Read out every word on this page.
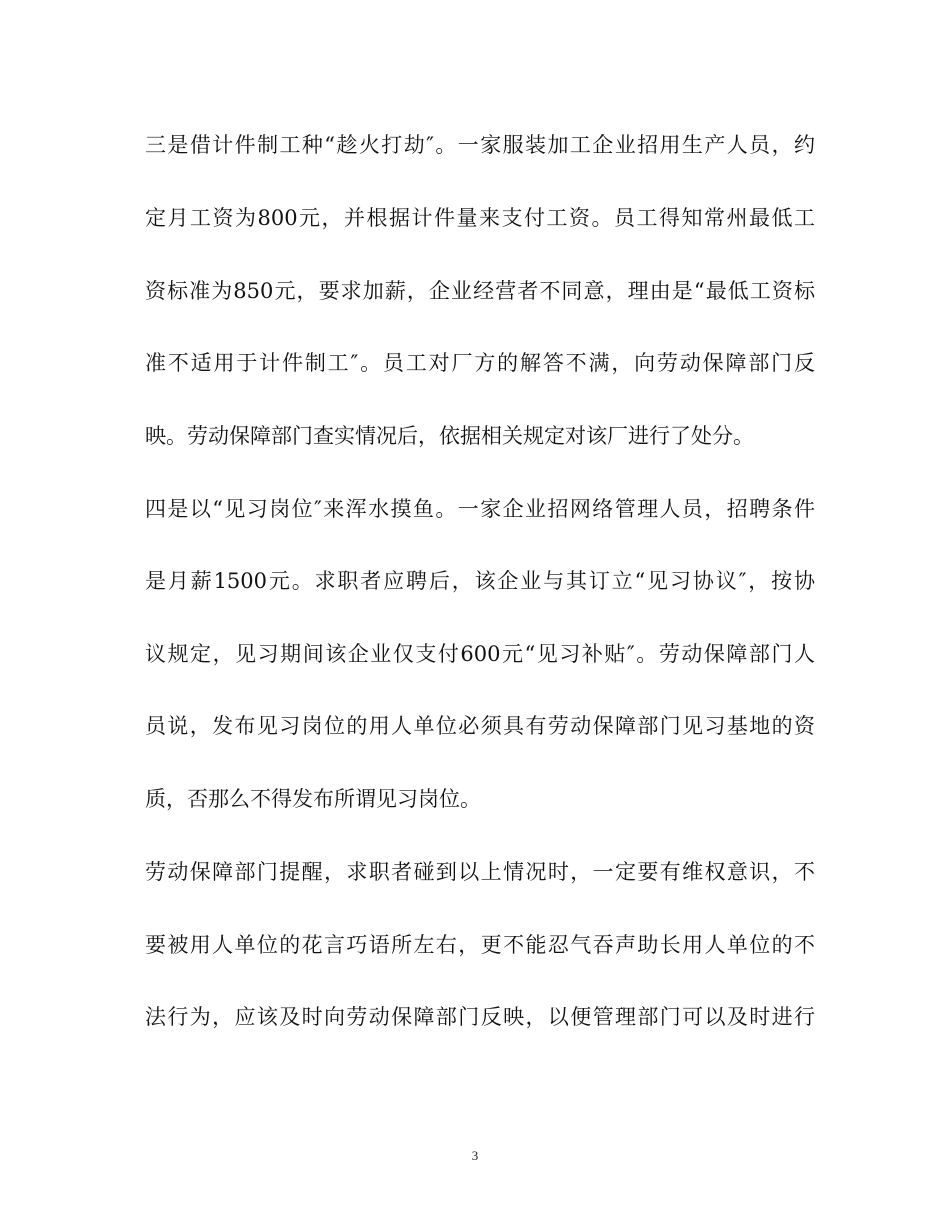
三是借计件制工种“趁火打劫″。一家服装加工企业招用生产人员，约
定月工资为800元，并根据计件量来支付工资。员工得知常州最低工
资标准为850元，要求加薪，企业经营者不同意，理由是“最低工资标
准不适用于计件制工″。员工对厂方的解答不满，向劳动保障部门反
映。劳动保障部门查实情况后，依据相关规定对该厂进行了处分。
四是以“见习岗位″来浑水摸鱼。一家企业招网络管理人员，招聘条件
是月薪1500元。求职者应聘后，该企业与其订立“见习协议″，按协
议规定，见习期间该企业仅支付600元“见习补贴″。劳动保障部门人
员说，发布见习岗位的用人单位必须具有劳动保障部门见习基地的资
质，否那么不得发布所谓见习岗位。
劳动保障部门提醒，求职者碰到以上情况时，一定要有维权意识，不
要被用人单位的花言巧语所左右，更不能忍气吞声助长用人单位的不
法行为，应该及时向劳动保障部门反映，以便管理部门可以及时进行
3
